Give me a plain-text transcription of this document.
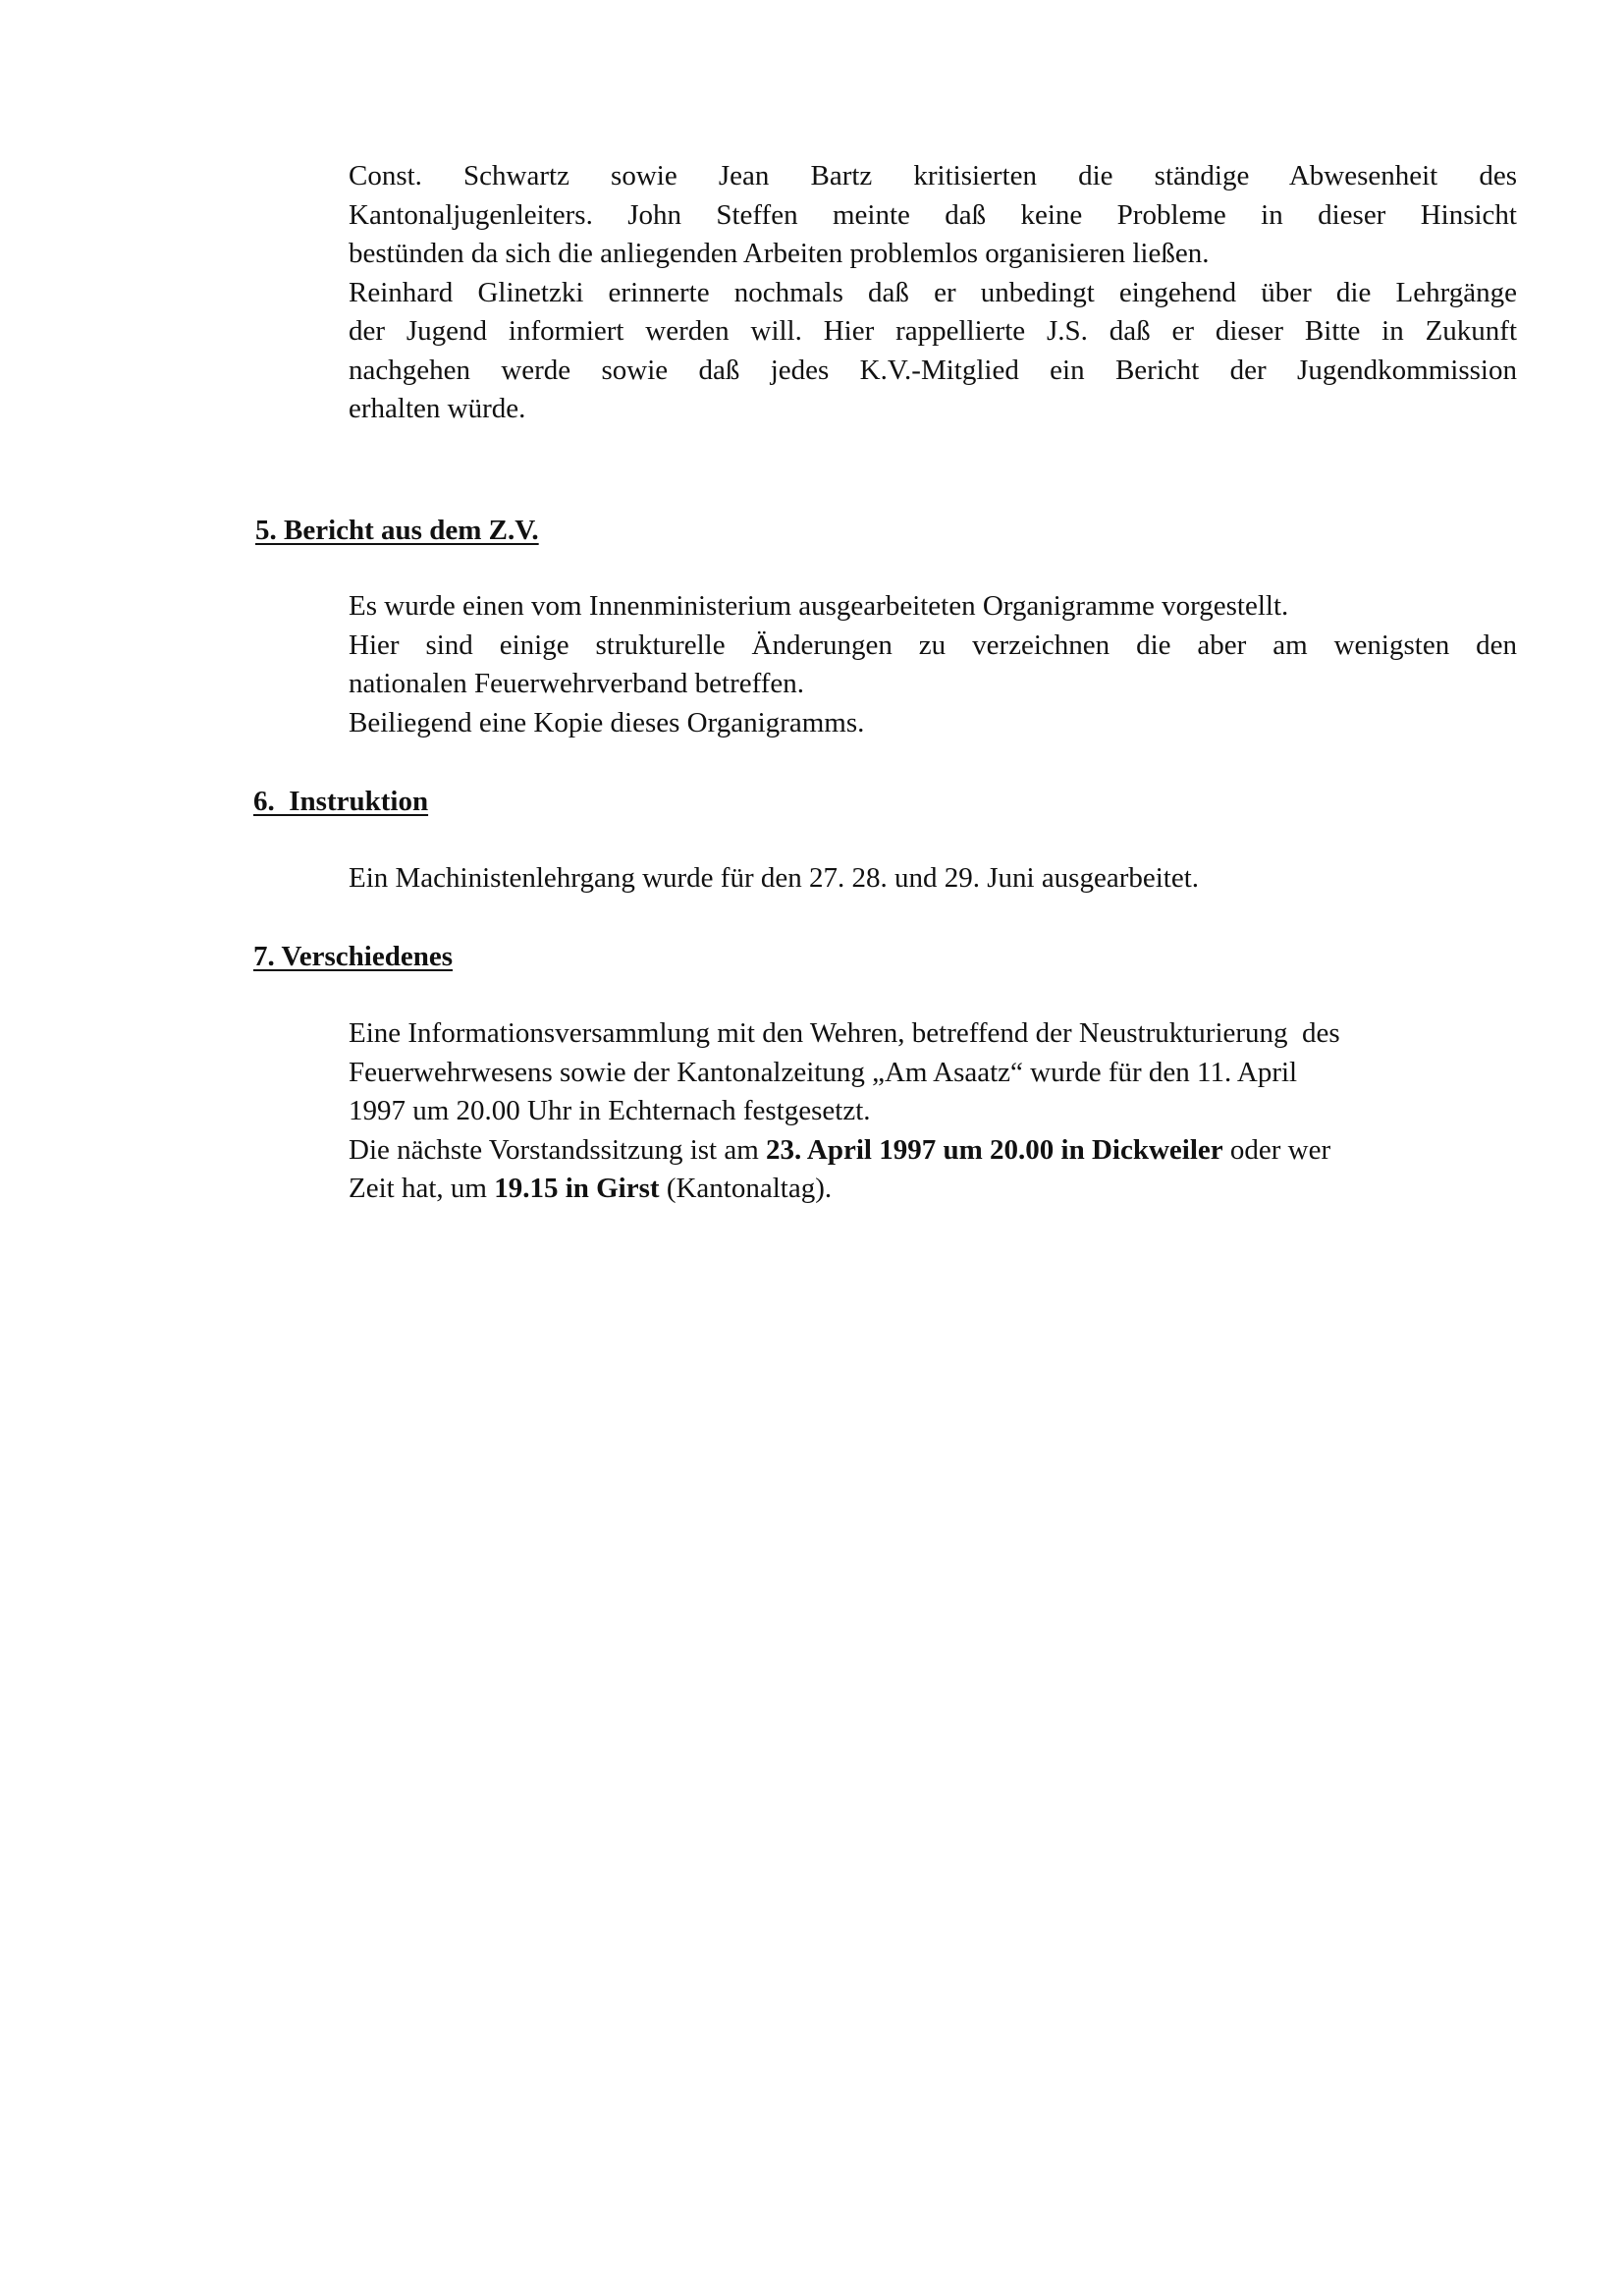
Const. Schwartz sowie Jean Bartz kritisierten die ständige Abwesenheit des
Kantonaljugenleiters. John Steffen meinte daß keine Probleme in dieser Hinsicht
bestünden da sich die anliegenden Arbeiten problemlos organisieren ließen.
Reinhard Glinetzki erinnerte nochmals daß er unbedingt eingehend über die Lehrgänge
der Jugend informiert werden will. Hier rappellierte J.S. daß er dieser Bitte in Zukunft
nachgehen werde sowie daß jedes K.V.-Mitglied ein Bericht der Jugendkommission
erhalten würde.

5. Bericht aus dem Z.V.

Es wurde einen vom Innenministerium ausgearbeiteten Organigramme vorgestellt.
Hier sind einige strukturelle Änderungen zu verzeichnen die aber am wenigsten den
nationalen Feuerwehrverband betreffen.
Beiliegend eine Kopie dieses Organigramms.

6.  Instruktion

Ein Machinistenlehrgang wurde für den 27. 28. und 29. Juni ausgearbeitet.

7. Verschiedenes

Eine Informationsversammlung mit den Wehren, betreffend der Neustrukturierung  des
Feuerwehrwesens sowie der Kantonalzeitung „Am Asaatz“ wurde für den 11. April
1997 um 20.00 Uhr in Echternach festgesetzt.
Die nächste Vorstandssitzung ist am 23. April 1997 um 20.00 in Dickweiler oder wer
Zeit hat, um 19.15 in Girst (Kantonaltag).
